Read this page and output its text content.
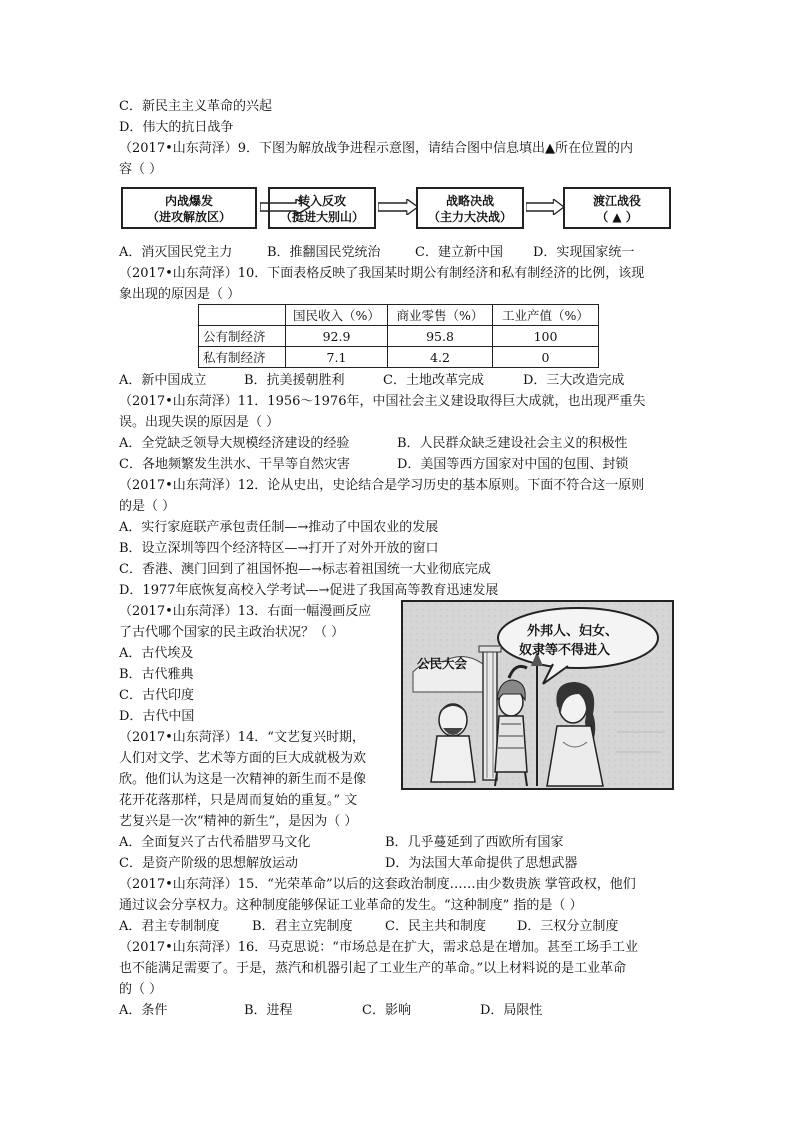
C．新民主主义革命的兴起
D．伟大的抗日战争
（2017•山东菏泽）9．下图为解放战争进程示意图，请结合图中信息填出▲所在位置的内
容（ ）
内战爆发
（进攻解放区）
转入反攻
（挺进大别山）
战略决战
（主力大决战）
渡江战役
（ ▲ ）
A．消灭国民党主力	B．推翻国民党统治	C．建立新中国 D．实现国家统一
（2017•山东菏泽）10．下面表格反映了我国某时期公有制经济和私有制经济的比例，该现
象出现的原因是（ ）
	国民收入（%）	商业零售（%）	工业产值（%）
公有制经济	92.9	95.8	100
私有制经济	7.1	4.2	0
A．新中国成立	B．抗美援朝胜利	C．土地改革完成	D．三大改造完成
（2017•山东菏泽）11．1956～1976年，中国社会主义建设取得巨大成就，也出现严重失
误。出现失误的原因是（ ）
A．全党缺乏领导大规模经济建设的经验	B．人民群众缺乏建设社会主义的积极性
C．各地频繁发生洪水、干旱等自然灾害	D．美国等西方国家对中国的包围、封锁
（2017•山东菏泽）12．论从史出，史论结合是学习历史的基本原则。下面不符合这一原则
的是（ ）
A．实行家庭联产承包责任制—→推动了中国农业的发展
B．设立深圳等四个经济特区—→打开了对外开放的窗口
C．香港、澳门回到了祖国怀抱—→标志着祖国统一大业彻底完成
D．1977年底恢复高校入学考试—→促进了我国高等教育迅速发展
（2017•山东菏泽）13．右面一幅漫画反应
了古代哪个国家的民主政治状况？（ ）
A．古代埃及
B．古代雅典
C．古代印度
D．古代中国
（2017•山东菏泽）14．“文艺复兴时期，
人们对文学、艺术等方面的巨大成就极为欢
欣。他们认为这是一次精神的新生而不是像
花开花落那样，只是周而复始的重复。” 文
艺复兴是一次“精神的新生”，是因为（ ）
A．全面复兴了古代希腊罗马文化	B．几乎蔓延到了西欧所有国家
C．是资产阶级的思想解放运动	D．为法国大革命提供了思想武器
（2017•山东菏泽）15．“光荣革命”以后的这套政治制度……由少数贵族 掌管政权，他们
通过议会分享权力。这种制度能够保证工业革命的发生。“这种制度” 指的是（ ）
A．君主专制制度	B．君主立宪制度 C．民主共和制度 D．三权分立制度
（2017•山东菏泽）16．马克思说：“市场总是在扩大，需求总是在增加。甚至工场手工业
也不能满足需要了。于是，蒸汽和机器引起了工业生产的革命。”以上材料说的是工业革命
的（ ）
A．条件	B．进程	C．影响	D．局限性
公民大会
外邦人、妇女、
奴隶等不得进入
